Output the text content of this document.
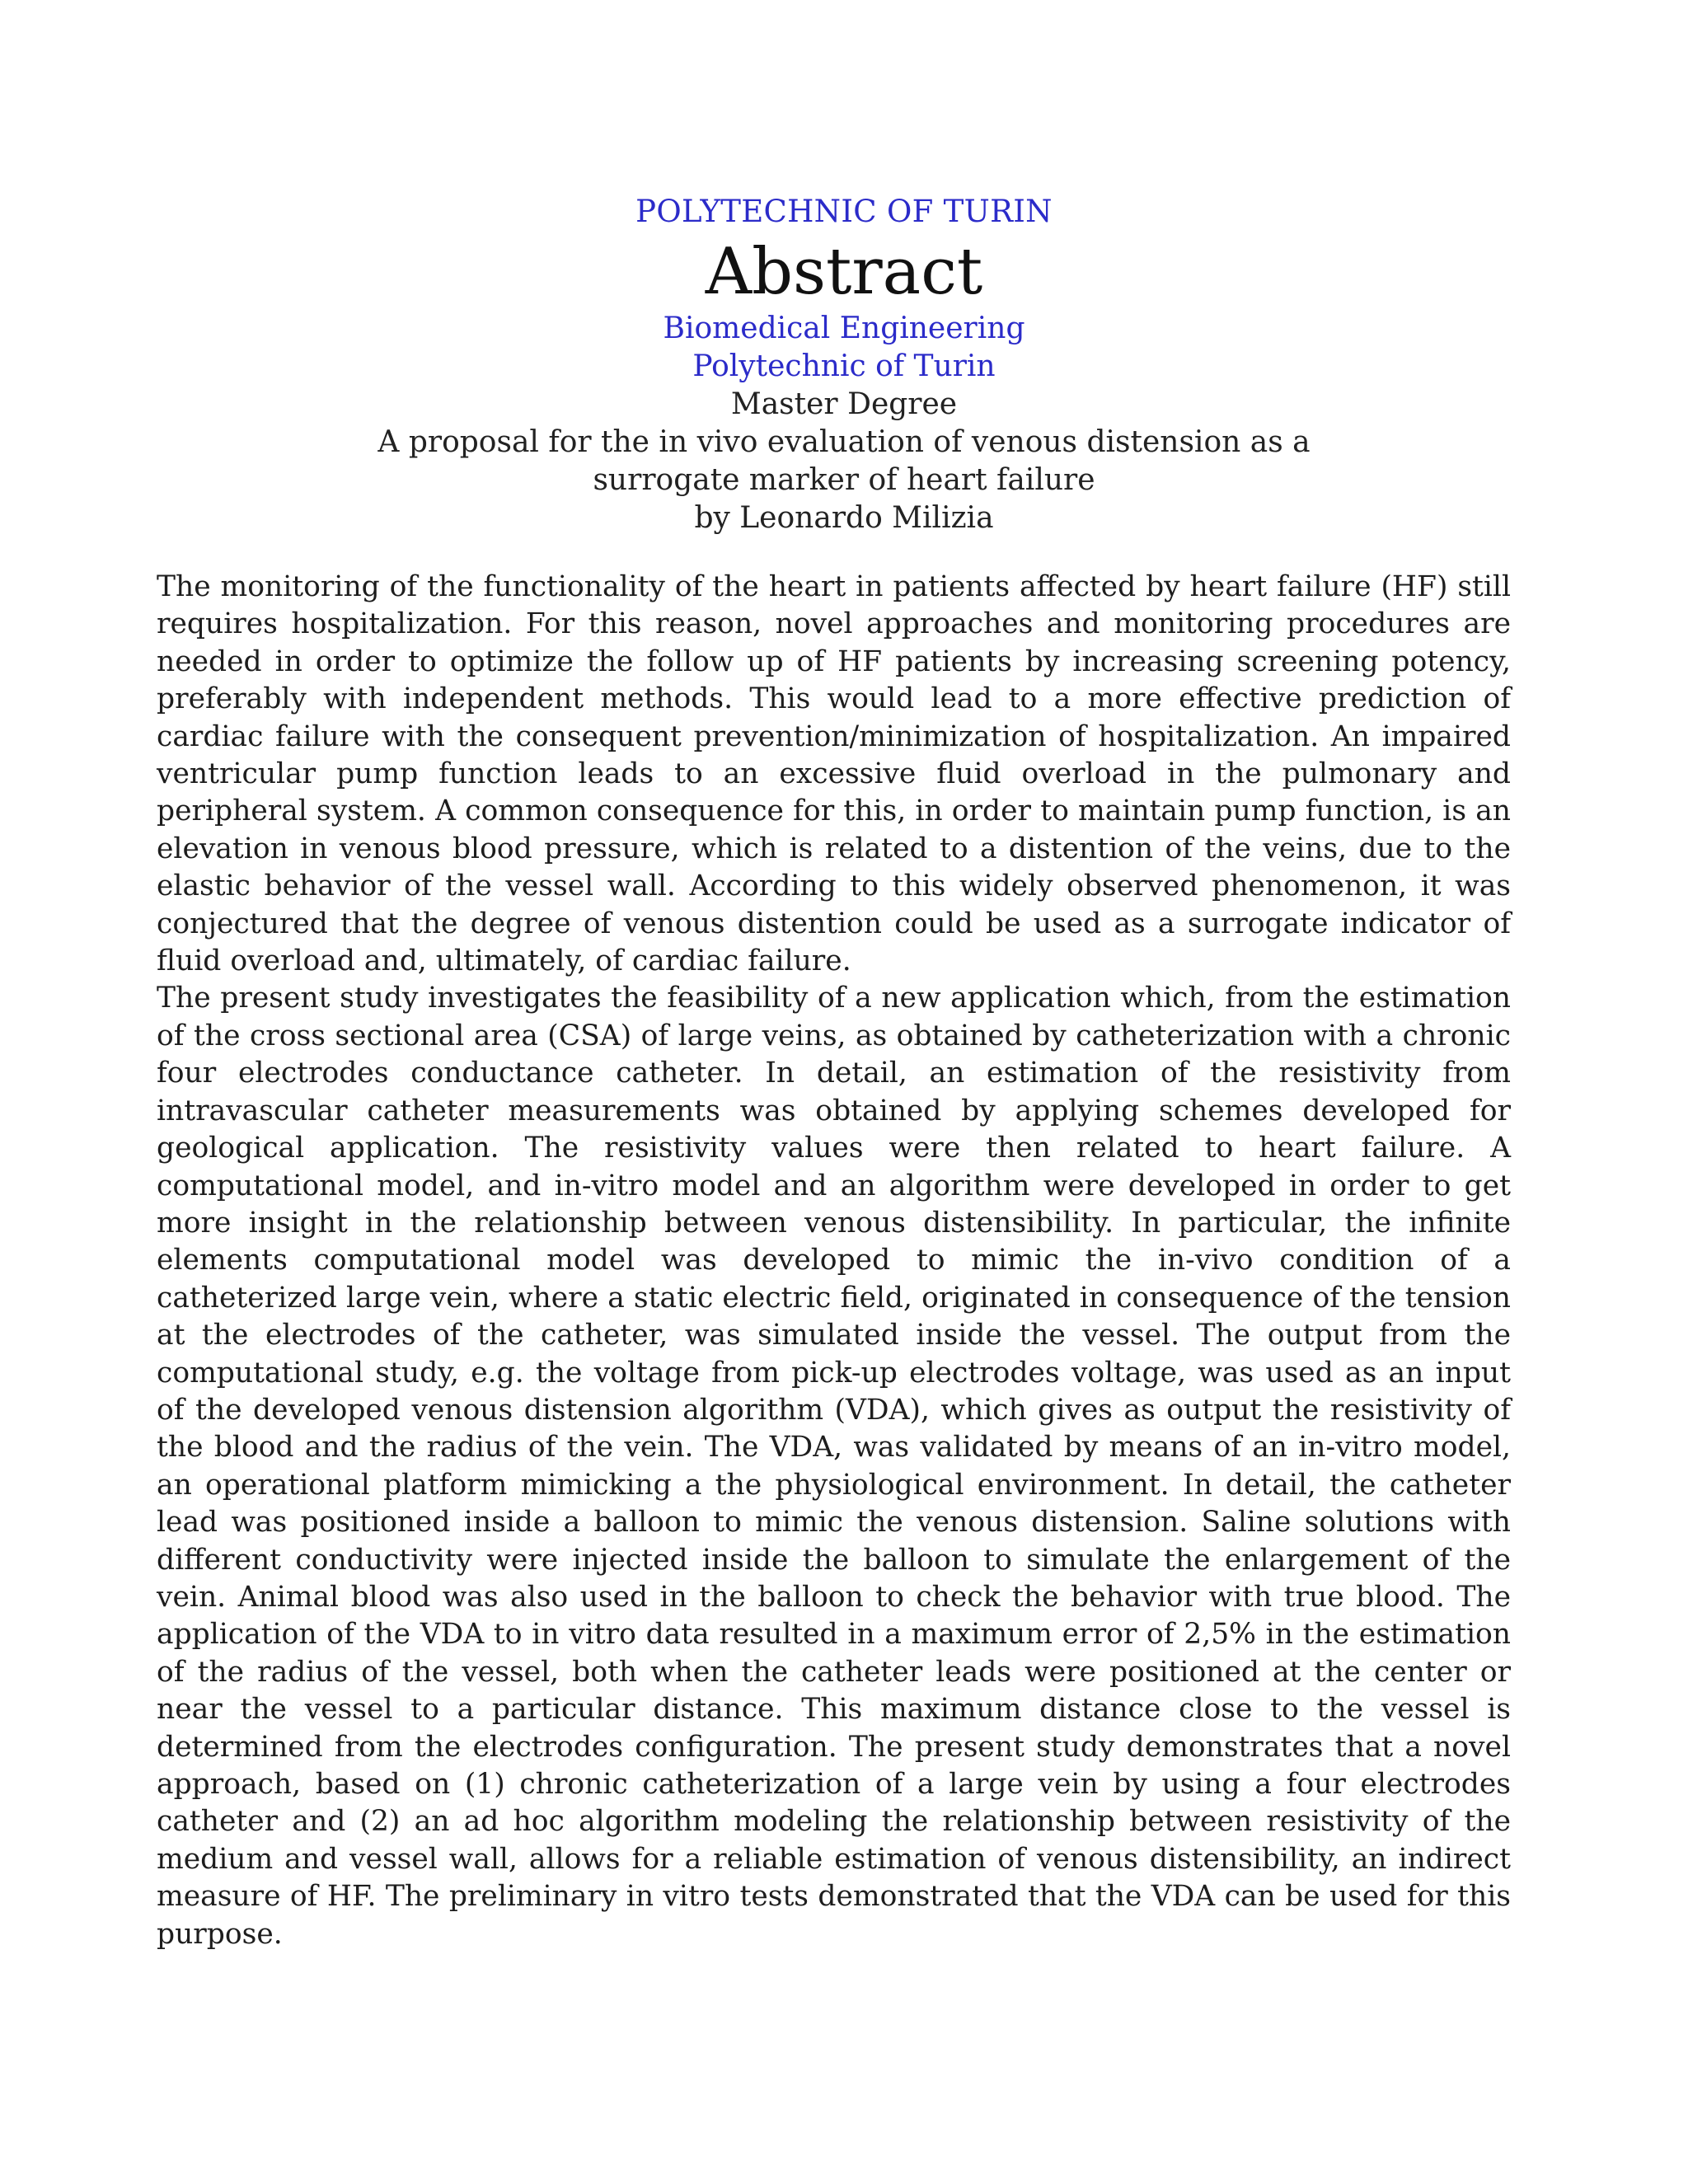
POLYTECHNIC OF TURIN
Abstract
Biomedical Engineering
Polytechnic of Turin
Master Degree
A proposal for the in vivo evaluation of venous distension as a
surrogate marker of heart failure
by Leonardo Milizia

The monitoring of the functionality of the heart in patients affected by heart failure (HF) still requires hospitalization. For this reason, novel approaches and monitoring procedures are needed in order to optimize the follow up of HF patients by increasing screening potency, preferably with independent methods. This would lead to a more effective prediction of cardiac failure with the consequent prevention/minimization of hospitalization. An impaired ventricular pump function leads to an excessive fluid overload in the pulmonary and peripheral system. A common consequence for this, in order to maintain pump function, is an elevation in venous blood pressure, which is related to a distention of the veins, due to the elastic behavior of the vessel wall. According to this widely observed phenomenon, it was conjectured that the degree of venous distention could be used as a surrogate indicator of fluid overload and, ultimately, of cardiac failure.

The present study investigates the feasibility of a new application which, from the estimation of the cross sectional area (CSA) of large veins, as obtained by catheterization with a chronic four electrodes conductance catheter. In detail, an estimation of the resistivity from intravascular catheter measurements was obtained by applying schemes developed for geological application. The resistivity values were then related to heart failure. A computational model, and in-vitro model and an algorithm were developed in order to get more insight in the relationship between venous distensibility. In particular, the infinite elements computational model was developed to mimic the in-vivo condition of a catheterized large vein, where a static electric field, originated in consequence of the tension at the electrodes of the catheter, was simulated inside the vessel. The output from the computational study, e.g. the voltage from pick-up electrodes voltage, was used as an input of the developed venous distension algorithm (VDA), which gives as output the resistivity of the blood and the radius of the vein. The VDA, was validated by means of an in-vitro model, an operational platform mimicking a the physiological environment. In detail, the catheter lead was positioned inside a balloon to mimic the venous distension. Saline solutions with different conductivity were injected inside the balloon to simulate the enlargement of the vein. Animal blood was also used in the balloon to check the behavior with true blood. The application of the VDA to in vitro data resulted in a maximum error of 2,5% in the estimation of the radius of the vessel, both when the catheter leads were positioned at the center or near the vessel to a particular distance. This maximum distance close to the vessel is determined from the electrodes configuration. The present study demonstrates that a novel approach, based on (1) chronic catheterization of a large vein by using a four electrodes catheter and (2) an ad hoc algorithm modeling the relationship between resistivity of the medium and vessel wall, allows for a reliable estimation of venous distensibility, an indirect measure of HF. The preliminary in vitro tests demonstrated that the VDA can be used for this purpose.
